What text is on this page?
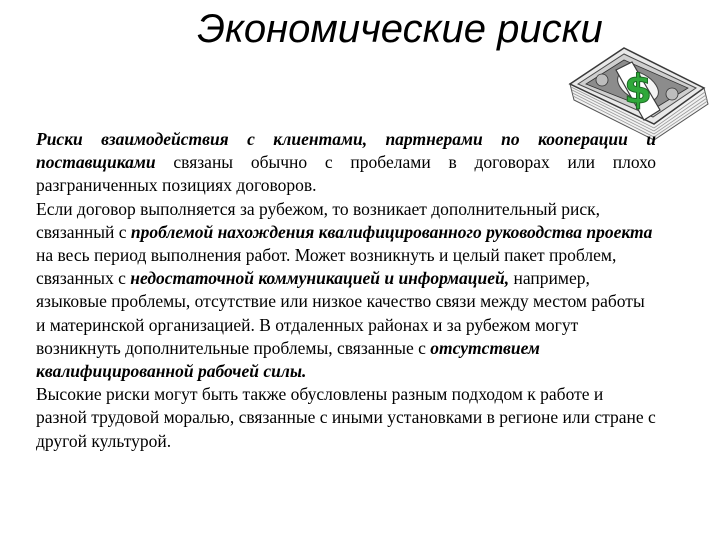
Экономические риски
$

Риски взаимодействия с клиентами, партнерами по кооперации и поставщиками связаны обычно с пробелами в договорах или плохо разграниченных позициях договоров.

Если договор выполняется за рубежом, то возникает дополнительный риск, связанный с проблемой нахождения квалифицированного руководства проекта на весь период выполнения работ. Может возникнуть и целый пакет проблем, связанных с недостаточной коммуникацией и информацией, например, языковые проблемы, отсутствие или низкое качество связи между местом работы и материнской организацией. В отдаленных районах и за рубежом могут возникнуть дополнительные проблемы, связанные с отсутствием квалифицированной рабочей силы.

Высокие риски могут быть также обусловлены разным подходом к работе и разной трудовой моралью, связанные с иными установками в регионе или стране с другой культурой.
